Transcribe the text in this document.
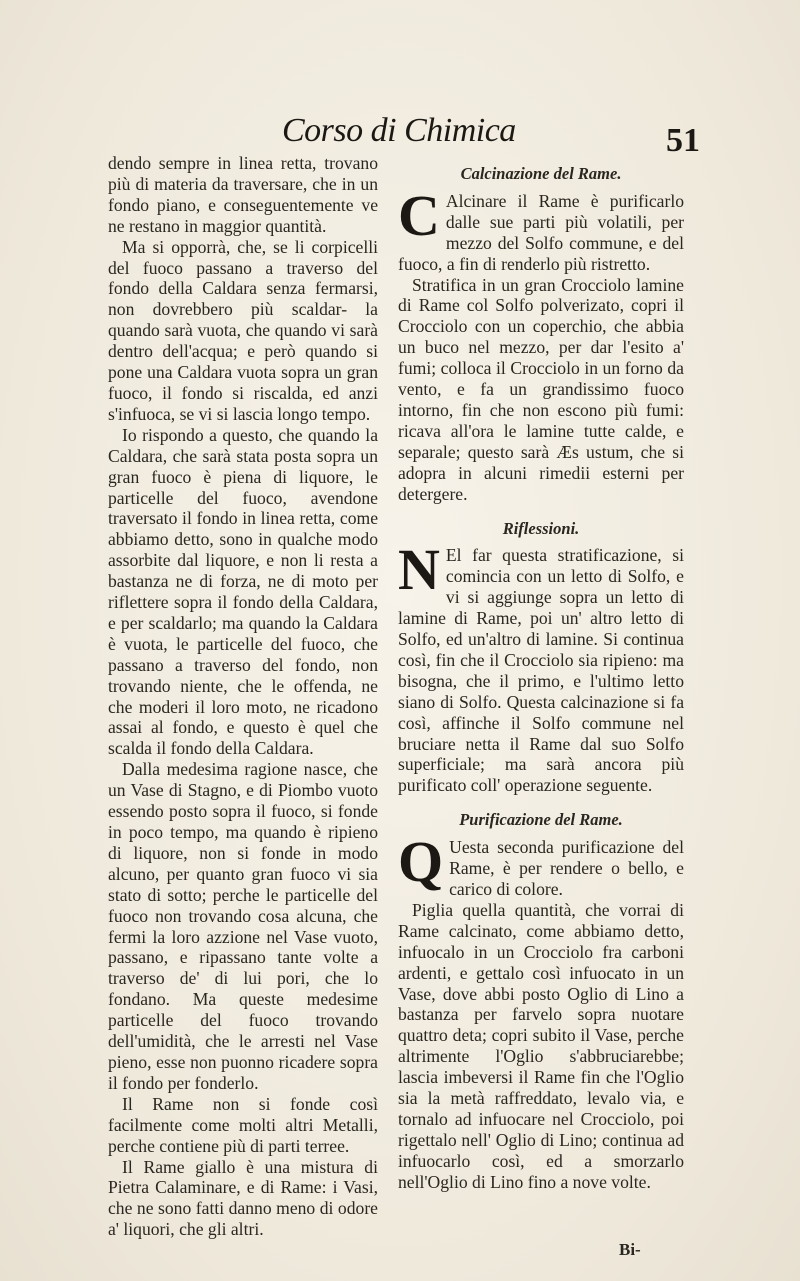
Corso di Chimica	51

dendo sempre in linea retta, trovano più di materia da traversare, che in un fondo piano, e conseguentemente ve ne restano in maggior quantità.

Ma si opporrà, che, se li corpicelli del fuoco passano a traverso del fondo della Caldara senza fermarsi, non dovrebbero più scaldar- la quando sarà vuota, che quando vi sarà dentro dell'acqua; e però quando si pone una Caldara vuota sopra un gran fuoco, il fondo si riscalda, ed anzi s'infuoca, se vi si lascia longo tempo.

Io rispondo a questo, che quando la Caldara, che sarà stata posta sopra un gran fuoco è piena di liquore, le particelle del fuoco, avendone traversato il fondo in linea retta, come abbiamo detto, sono in qualche modo assorbite dal liquore, e non li resta a bastanza ne di forza, ne di moto per riflettere sopra il fondo della Caldara, e per scaldarlo; ma quando la Caldara è vuota, le particelle del fuoco, che passano a traverso del fondo, non trovando niente, che le offenda, ne che moderi il loro moto, ne ricadono assai al fondo, e questo è quel che scalda il fondo della Caldara.

Dalla medesima ragione nasce, che un Vase di Stagno, e di Piombo vuoto essendo posto sopra il fuoco, si fonde in poco tempo, ma quando è ripieno di liquore, non si fonde in modo alcuno, per quanto gran fuoco vi sia stato di sotto; perche le particelle del fuoco non trovando cosa alcuna, che fermi la loro azzione nel Vase vuoto, passano, e ripassano tante volte a traverso de' di lui pori, che lo fondano. Ma queste medesime particelle del fuoco trovando dell'umidità, che le arresti nel Vase pieno, esse non puonno ricadere sopra il fondo per fonderlo.

Il Rame non si fonde così facilmente come molti altri Metalli, perche contiene più di parti terree.

Il Rame giallo è una mistura di Pietra Calaminare, e di Rame: i Vasi, che ne sono fatti danno meno di odore a' liquori, che gli altri.

Calcinazione del Rame.

C Alcinare il Rame è purificarlo dalle sue parti più volatili, per mezzo del Solfo commune, e del fuoco, a fin di renderlo più ristretto.

Stratifica in un gran Crocciolo lamine di Rame col Solfo polverizato, copri il Crocciolo con un coperchio, che abbia un buco nel mezzo, per dar l'esito a' fumi; colloca il Crocciolo in un forno da vento, e fa un grandissimo fuoco intorno, fin che non escono più fumi: ricava all'ora le lamine tutte calde, e separale; questo sarà Æs ustum, che si adopra in alcuni rimedii esterni per detergere.

Riflessioni.

N El far questa stratificazione, si comincia con un letto di Solfo, e vi si aggiunge sopra un letto di lamine di Rame, poi un' altro letto di Solfo, ed un'altro di lamine. Si continua così, fin che il Crocciolo sia ripieno: ma bisogna, che il primo, e l'ultimo letto siano di Solfo. Questa calcinazione si fa così, affinche il Solfo commune nel bruciare netta il Rame dal suo Solfo superficiale; ma sarà ancora più purificato coll' operazione seguente.

Purificazione del Rame.

Q Uesta seconda purificazione del Rame, è per rendere o bello, e carico di colore.

Piglia quella quantità, che vorrai di Rame calcinato, come abbiamo detto, infuocalo in un Crocciolo fra carboni ardenti, e gettalo così infuocato in un Vase, dove abbi posto Oglio di Lino a bastanza per farvelo sopra nuotare quattro deta; copri subito il Vase, perche altrimente l'Oglio s'abbruciarebbe; lascia imbeversi il Rame fin che l'Oglio sia la metà raffreddato, levalo via, e tornalo ad infuocare nel Crocciolo, poi rigettalo nell' Oglio di Lino; continua ad infuocarlo così, ed a smorzarlo nell'Oglio di Lino fino a nove volte.

Bi-
